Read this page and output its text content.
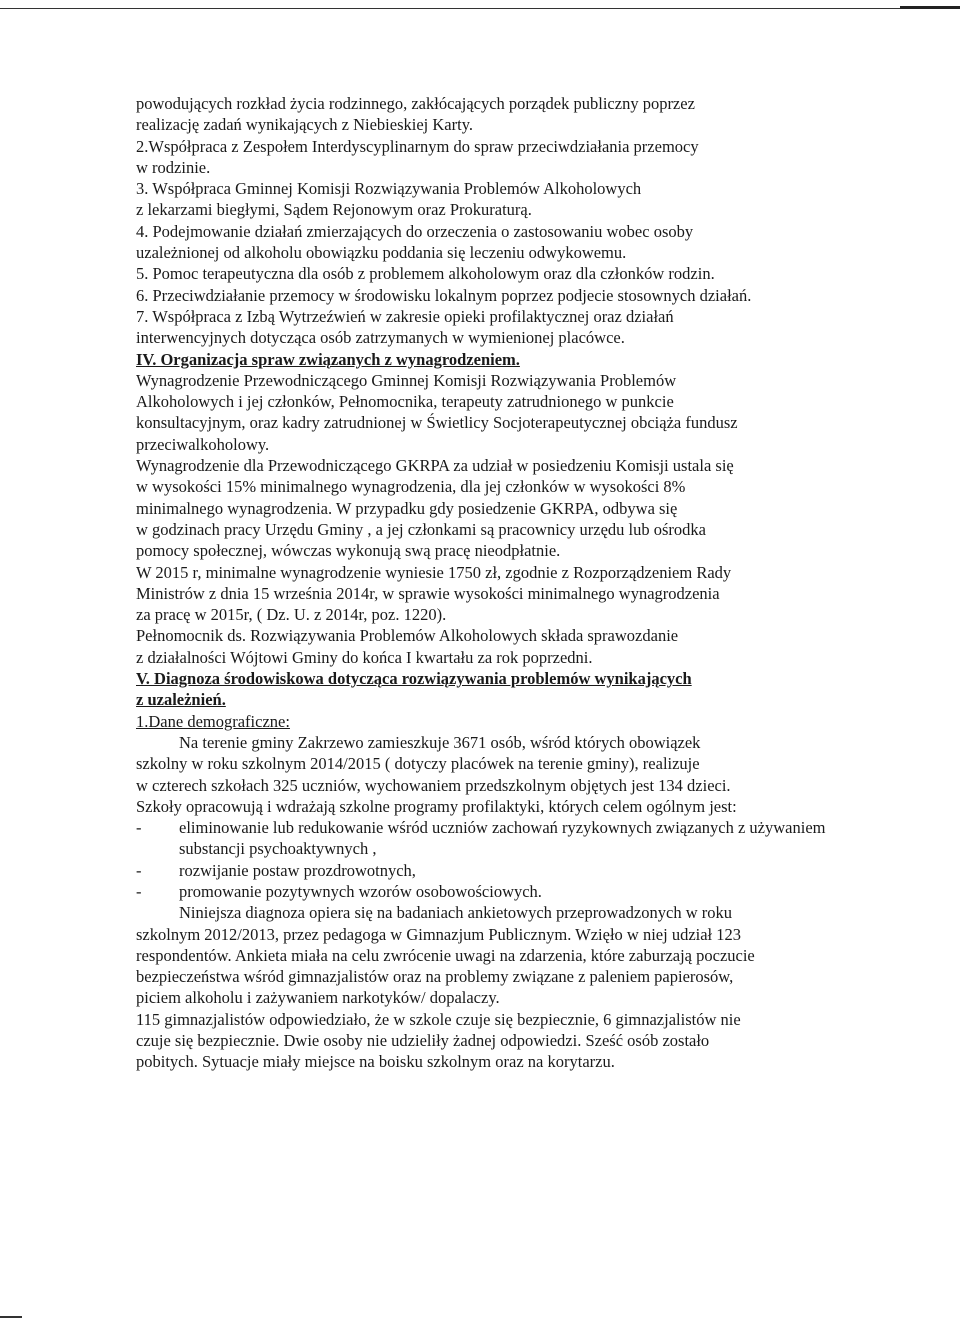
powodujących rozkład życia rodzinnego, zakłócających porządek publiczny poprzez

realizację zadań wynikających z Niebieskiej Karty.

2.Współpraca z Zespołem Interdyscyplinarnym do spraw przeciwdziałania przemocy

w rodzinie.

3. Współpraca Gminnej Komisji Rozwiązywania Problemów Alkoholowych

z lekarzami biegłymi, Sądem Rejonowym oraz Prokuraturą.

4. Podejmowanie działań zmierzających do orzeczenia o zastosowaniu wobec osoby

uzależnionej od alkoholu obowiązku poddania się leczeniu odwykowemu.

5. Pomoc terapeutyczna dla osób z problemem alkoholowym oraz dla członków rodzin.

6. Przeciwdziałanie przemocy w środowisku lokalnym poprzez podjecie stosownych działań.

7. Współpraca z Izbą Wytrzeźwień w zakresie opieki profilaktycznej oraz działań

interwencyjnych dotycząca osób zatrzymanych w wymienionej placówce.

IV. Organizacja spraw związanych z wynagrodzeniem.

Wynagrodzenie Przewodniczącego Gminnej Komisji Rozwiązywania Problemów

Alkoholowych i jej członków, Pełnomocnika, terapeuty zatrudnionego w punkcie

konsultacyjnym, oraz kadry zatrudnionej w Świetlicy Socjoterapeutycznej obciąża fundusz

przeciwalkoholowy.

Wynagrodzenie dla Przewodniczącego GKRPA za udział w posiedzeniu Komisji ustala się

w wysokości 15% minimalnego wynagrodzenia, dla jej członków w wysokości 8%

minimalnego wynagrodzenia. W przypadku gdy posiedzenie GKRPA, odbywa się

w godzinach pracy Urzędu Gminy , a jej członkami są pracownicy urzędu lub ośrodka

pomocy społecznej, wówczas wykonują swą pracę nieodpłatnie.

W 2015 r, minimalne wynagrodzenie wyniesie 1750 zł, zgodnie z Rozporządzeniem Rady

Ministrów z dnia 15 września 2014r, w sprawie wysokości minimalnego wynagrodzenia

za pracę w 2015r, ( Dz. U. z 2014r, poz. 1220).

Pełnomocnik ds. Rozwiązywania Problemów Alkoholowych składa sprawozdanie

z działalności Wójtowi Gminy do końca I kwartału za rok poprzedni.

V. Diagnoza środowiskowa dotycząca rozwiązywania problemów wynikających

z uzależnień.

1.Dane demograficzne:

Na terenie gminy Zakrzewo zamieszkuje 3671 osób, wśród których obowiązek

szkolny w roku szkolnym 2014/2015 ( dotyczy placówek na terenie gminy), realizuje

w czterech szkołach 325 uczniów, wychowaniem przedszkolnym objętych jest 134 dzieci.

Szkoły opracowują i wdrażają szkolne programy profilaktyki, których celem ogólnym jest:

- eliminowanie lub redukowanie wśród uczniów zachowań ryzykownych związanych z używaniem substancji psychoaktywnych ,

- rozwijanie postaw prozdrowotnych,

- promowanie pozytywnych wzorów osobowościowych.

Niniejsza diagnoza opiera się na badaniach ankietowych przeprowadzonych w roku

szkolnym 2012/2013, przez pedagoga w Gimnazjum Publicznym. Wzięło w niej udział 123

respondentów. Ankieta miała na celu zwrócenie uwagi na zdarzenia, które zaburzają poczucie

bezpieczeństwa wśród gimnazjalistów oraz na problemy związane z paleniem papierosów,

piciem alkoholu i zażywaniem narkotyków/ dopalaczy.

115 gimnazjalistów odpowiedziało, że w szkole czuje się bezpiecznie, 6 gimnazjalistów nie

czuje się bezpiecznie. Dwie osoby nie udzieliły żadnej odpowiedzi. Sześć osób zostało

pobitych. Sytuacje miały miejsce na boisku szkolnym oraz na korytarzu.
